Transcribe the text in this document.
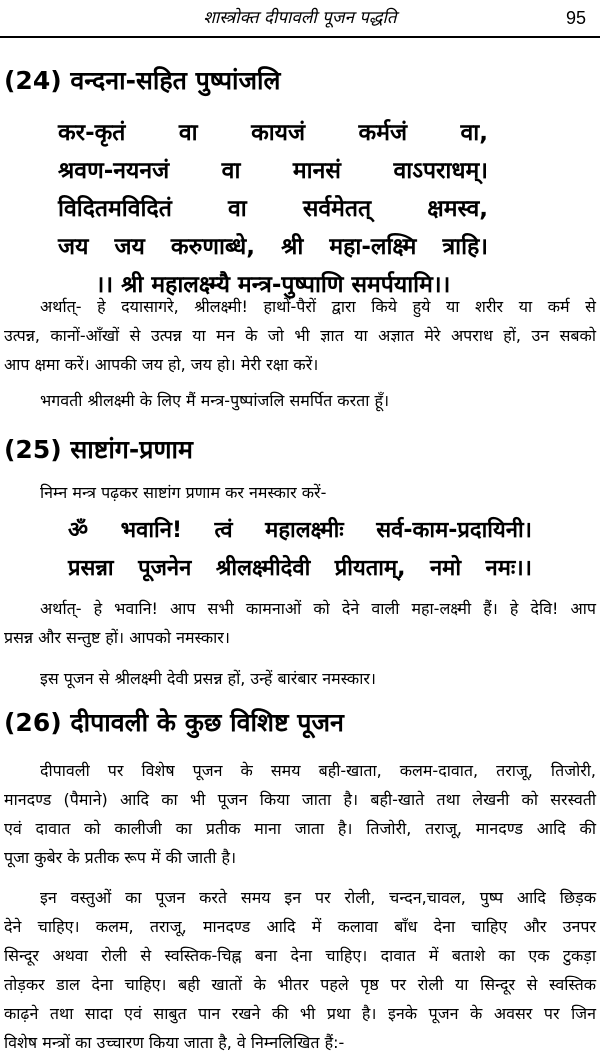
शास्त्रोक्त दीपावली पूजन पद्धति	95
(24) वन्दना-सहित पुष्पांजलि
कर-कृतं वा कायजं कर्मजं वा,
श्रवण-नयनजं वा मानसं वाऽपराधम्।
विदितमविदितं वा सर्वमेतत् क्षमस्व,
जय जय करुणाब्धे, श्री महा-लक्ष्मि त्राहि।
।। श्री महालक्ष्म्यै मन्त्र-पुष्पाणि समर्पयामि।।
अर्थात्- हे दयासागरे, श्रीलक्ष्मी! हाथों-पैरों द्वारा किये हुये या शरीर या कर्म से
उत्पन्न, कानों-आँखों से उत्पन्न या मन के जो भी ज्ञात या अज्ञात मेरे अपराध हों, उन सबको
आप क्षमा करें। आपकी जय हो, जय हो। मेरी रक्षा करें।
भगवती श्रीलक्ष्मी के लिए मैं मन्त्र-पुष्पांजलि समर्पित करता हूँ।
(25) साष्टांग-प्रणाम
निम्न मन्त्र पढ़कर साष्टांग प्रणाम कर नमस्कार करें-
ॐ भवानि! त्वं महालक्ष्मीः सर्व-काम-प्रदायिनी।
प्रसन्ना पूजनेन श्रीलक्ष्मीदेवी प्रीयताम्, नमो नमः।।
अर्थात्- हे भवानि! आप सभी कामनाओं को देने वाली महा-लक्ष्मी हैं। हे देवि! आप
प्रसन्न और सन्तुष्ट हों। आपको नमस्कार।
इस पूजन से श्रीलक्ष्मी देवी प्रसन्न हों, उन्हें बारंबार नमस्कार।
(26) दीपावली के कुछ विशिष्ट पूजन
दीपावली पर विशेष पूजन के समय बही-खाता, कलम-दावात, तराजू, तिजोरी,
मानदण्ड (पैमाने) आदि का भी पूजन किया जाता है। बही-खाते तथा लेखनी को सरस्वती
एवं दावात को कालीजी का प्रतीक माना जाता है। तिजोरी, तराजू, मानदण्ड आदि की
पूजा कुबेर के प्रतीक रूप में की जाती है।
इन वस्तुओं का पूजन करते समय इन पर रोली, चन्दन,चावल, पुष्प आदि छिड़क
देने चाहिए। कलम, तराजू, मानदण्ड आदि में कलावा बाँध देना चाहिए और उनपर
सिन्दूर अथवा रोली से स्वस्तिक-चिह्न बना देना चाहिए। दावात में बताशे का एक टुकड़ा
तोड़कर डाल देना चाहिए। बही खातों के भीतर पहले पृष्ठ पर रोली या सिन्दूर से स्वस्तिक
काढ़ने तथा सादा एवं साबुत पान रखने की भी प्रथा है। इनके पूजन के अवसर पर जिन
विशेष मन्त्रों का उच्चारण किया जाता है, वे निम्नलिखित हैं:-
